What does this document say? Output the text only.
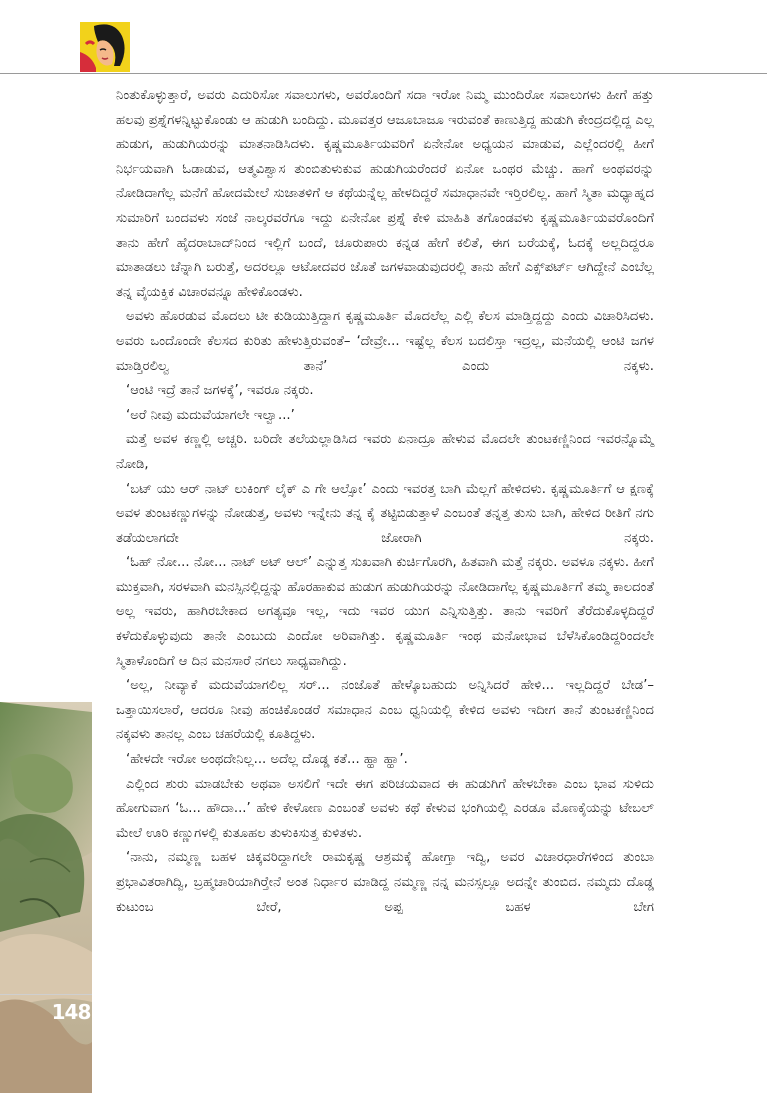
148

ನಿಂತುಕೊಳ್ಳುತ್ತಾರೆ, ಅವರು ಎದುರಿಸೋ ಸವಾಲುಗಳು, ಅವರೊಂದಿಗೆ ಸದಾ ಇರೋ ನಿಮ್ಮ ಮುಂದಿರೋ ಸವಾಲುಗಳು ಹೀಗೆ ಹತ್ತು ಹಲವು ಪ್ರಶ್ನೆಗಳನ್ನಿಟ್ಟುಕೊಂಡು ಆ ಹುಡುಗಿ ಬಂದಿದ್ದು. ಮೂವತ್ತರ ಆಜೂಬಾಜೂ ಇರುವಂತೆ ಕಾಣುತ್ತಿದ್ದ ಹುಡುಗಿ ಕೇಂದ್ರದಲ್ಲಿದ್ದ ಎಲ್ಲ ಹುಡುಗ, ಹುಡುಗಿಯರನ್ನು ಮಾತನಾಡಿಸಿದಳು. ಕೃಷ್ಣಮೂರ್ತಿಯವರಿಗೆ ಏನೇನೋ ಅಧ್ಯಯನ ಮಾಡುವ, ಎಲ್ಲೆಂದರಲ್ಲಿ ಹೀಗೆ ನಿರ್ಭಯವಾಗಿ ಓಡಾಡುವ, ಆತ್ಮವಿಶ್ವಾಸ ತುಂಬಿತುಳುಕುವ ಹುಡುಗಿಯರೆಂದರೆ ಏನೋ ಒಂಥರ ಮೆಚ್ಚು. ಹಾಗೆ ಅಂಥವರನ್ನು ನೋಡಿದಾಗೆಲ್ಲ ಮನೆಗೆ ಹೋದಮೇಲೆ ಸುಜಾತಳಿಗೆ ಆ ಕಥೆಯನ್ನೆಲ್ಲ ಹೇಳದಿದ್ದರೆ ಸಮಾಧಾನವೇ ಇರ್‍ತಿರಲಿಲ್ಲ. ಹಾಗೆ ಸ್ಮಿತಾ ಮಧ್ಯಾಹ್ನದ ಸುಮಾರಿಗೆ ಬಂದವಳು ಸಂಜೆ ನಾಲ್ಕರವರೆಗೂ ಇದ್ದು ಏನೇನೋ ಪ್ರಶ್ನೆ ಕೇಳಿ ಮಾಹಿತಿ ತಗೊಂಡವಳು ಕೃಷ್ಣಮೂರ್ತಿಯವರೊಂದಿಗೆ ತಾನು ಹೇಗೆ ಹೈದರಾಬಾದ್‌ನಿಂದ ಇಲ್ಲಿಗೆ ಬಂದೆ, ಚೂರುಪಾರು ಕನ್ನಡ ಹೇಗೆ ಕಲಿತೆ, ಈಗ ಬರೆಯಕ್ಕೆ, ಓದಕ್ಕೆ ಅಲ್ಲದಿದ್ದರೂ ಮಾತಾಡಲು ಚೆನ್ನಾಗಿ ಬರುತ್ತೆ, ಅದರಲ್ಲೂ ಆಟೋದವರ ಜೊತೆ ಜಗಳವಾಡುವುದರಲ್ಲಿ ತಾನು ಹೇಗೆ ಎಕ್ಸ್‌ಪರ್ಟ್ ಆಗಿದ್ದೇನೆ ಎಂಬೆಲ್ಲ ತನ್ನ ವೈಯಕ್ತಿಕ ವಿಚಾರವನ್ನೂ ಹೇಳಿಕೊಂಡಳು.

ಅವಳು ಹೊರಡುವ ಮೊದಲು ಟೀ ಕುಡಿಯುತ್ತಿದ್ದಾಗ ಕೃಷ್ಣಮೂರ್ತಿ ಮೊದಲೆಲ್ಲ ಎಲ್ಲಿ ಕೆಲಸ ಮಾಡ್ತಿದ್ದದ್ದು ಎಂದು ವಿಚಾರಿಸಿದಳು. ಅವರು ಒಂದೊಂದೇ ಕೆಲಸದ ಕುರಿತು ಹೇಳುತ್ತಿರುವಂತೆ– ‘ದೇವ್ರೇ... ಇಷ್ಟೆಲ್ಲ ಕೆಲಸ ಬದಲಿಸ್ತಾ ಇದ್ರಲ್ಲ, ಮನೆಯಲ್ಲಿ ಆಂಟಿ ಜಗಳ ಮಾಡ್ತಿರಲಿಲ್ವ ತಾನೆ’ ಎಂದು ನಕ್ಕಳು.

‘ಆಂಟಿ ಇದ್ರೆ ತಾನೆ ಜಗಳಕ್ಕೆ’, ಇವರೂ ನಕ್ಕರು.

‘ಅರೆ ನೀವು ಮದುವೆಯಾಗಲೇ ಇಲ್ವಾ...’

ಮತ್ತೆ ಅವಳ ಕಣ್ಣಲ್ಲಿ ಅಚ್ಚರಿ. ಬರಿದೇ ತಲೆಯಲ್ಲಾಡಿಸಿದ ಇವರು ಏನಾದ್ರೂ ಹೇಳುವ ಮೊದಲೇ ತುಂಟಕಣ್ಣಿನಿಂದ ಇವರನ್ನೊಮ್ಮೆ ನೋಡಿ,

‘ಬಟ್ ಯು ಆರ್ ನಾಟ್ ಲುಕಿಂಗ್ ಲೈಕ್ ಎ ಗೇ ಆಲ್ಸೋ’ ಎಂದು ಇವರತ್ತ ಬಾಗಿ ಮೆಲ್ಲಗೆ ಹೇಳಿದಳು. ಕೃಷ್ಣಮೂರ್ತಿಗೆ ಆ ಕ್ಷಣಕ್ಕೆ ಅವಳ ತುಂಟಕಣ್ಣುಗಳನ್ನು ನೋಡುತ್ತ, ಅವಳು ಇನ್ನೇನು ತನ್ನ ಕೈ ತಟ್ಟಿಬಿಡುತ್ತಾಳೆ ಎಂಬಂತೆ ತನ್ನತ್ತ ತುಸು ಬಾಗಿ, ಹೇಳಿದ ರೀತಿಗೆ ನಗು ತಡೆಯಲಾಗದೇ ಜೋರಾಗಿ ನಕ್ಕರು.

‘ಓಹ್ ನೋ... ನೋ... ನಾಟ್ ಅಟ್ ಆಲ್’ ಎನ್ನುತ್ತ ಸುಖವಾಗಿ ಕುರ್ಚಿಗೊರಗಿ, ಹಿತವಾಗಿ ಮತ್ತೆ ನಕ್ಕರು. ಅವಳೂ ನಕ್ಕಳು. ಹೀಗೆ ಮುಕ್ತವಾಗಿ, ಸರಳವಾಗಿ ಮನಸ್ಸಿನಲ್ಲಿದ್ದನ್ನು ಹೊರಹಾಕುವ ಹುಡುಗ ಹುಡುಗಿಯರನ್ನು ನೋಡಿದಾಗೆಲ್ಲ ಕೃಷ್ಣಮೂರ್ತಿಗೆ ತಮ್ಮ ಕಾಲದಂತೆ ಅಲ್ಲ ಇವರು, ಹಾಗಿರಬೇಕಾದ ಅಗತ್ಯವೂ ಇಲ್ಲ, ಇದು ಇವರ ಯುಗ ಎನ್ನಿಸುತ್ತಿತ್ತು. ತಾನು ಇವರಿಗೆ ತೆರೆದುಕೊಳ್ಳದಿದ್ದರೆ ಕಳೆದುಕೊಳ್ಳುವುದು ತಾನೇ ಎಂಬುದು ಎಂದೋ ಅರಿವಾಗಿತ್ತು. ಕೃಷ್ಣಮೂರ್ತಿ ಇಂಥ ಮನೋಭಾವ ಬೆಳೆಸಿಕೊಂಡಿದ್ದರಿಂದಲೇ ಸ್ಮಿತಾಳೊಂದಿಗೆ ಆ ದಿನ ಮನಸಾರೆ ನಗಲು ಸಾಧ್ಯವಾಗಿದ್ದು.

‘ಅಲ್ಲ, ನೀವ್ಯಾಕೆ ಮದುವೆಯಾಗಲಿಲ್ಲ ಸರ್... ನಂಜೊತೆ ಹೇಳ್ಕೊಬಹುದು ಅನ್ನಿಸಿದರೆ ಹೇಳಿ... ಇಲ್ಲದಿದ್ದರೆ ಬೇಡ’– ಒತ್ತಾಯಿಸಲಾರೆ, ಆದರೂ ನೀವು ಹಂಚಿಕೊಂಡರೆ ಸಮಾಧಾನ ಎಂಬ ಧ್ವನಿಯಲ್ಲಿ ಕೇಳಿದ ಅವಳು ಇದೀಗ ತಾನೆ ತುಂಟಕಣ್ಣಿನಿಂದ ನಕ್ಕವಳು ತಾನಲ್ಲ ಎಂಬ ಚಹರೆಯಲ್ಲಿ ಕೂತಿದ್ದಳು.

‘ಹೇಳದೇ ಇರೋ ಅಂಥದೇನಿಲ್ಲ... ಅದೆಲ್ಲ ದೊಡ್ಡ ಕತೆ... ಹ್ಹಾ ಹ್ಹಾ’.

ಎಲ್ಲಿಂದ ಶುರು ಮಾಡಬೇಕು ಅಥವಾ ಅಸಲಿಗೆ ಇದೇ ಈಗ ಪರಿಚಯವಾದ ಈ ಹುಡುಗಿಗೆ ಹೇಳಬೇಕಾ ಎಂಬ ಭಾವ ಸುಳಿದು ಹೋಗುವಾಗ ‘ಓ... ಹೌದಾ...’ ಹೇಳಿ ಕೇಳೋಣ ಎಂಬಂತೆ ಅವಳು ಕಥೆ ಕೇಳುವ ಭಂಗಿಯಲ್ಲಿ ಎರಡೂ ಮೊಣಕೈಯನ್ನು ಟೇಬಲ್ ಮೇಲೆ ಊರಿ ಕಣ್ಣುಗಳಲ್ಲಿ ಕುತೂಹಲ ತುಳುಕಿಸುತ್ತ ಕುಳಿತಳು.

‘ನಾನು, ನಮ್ಮಣ್ಣ ಬಹಳ ಚಿಕ್ಕವರಿದ್ದಾಗಲೇ ರಾಮಕೃಷ್ಣ ಆಶ್ರಮಕ್ಕೆ ಹೋಗ್ತಾ ಇದ್ವಿ, ಅವರ ವಿಚಾರಧಾರೆಗಳಿಂದ ತುಂಬಾ ಪ್ರಭಾವಿತರಾಗಿದ್ವಿ, ಬ್ರಹ್ಮಚಾರಿಯಾಗಿರ್‍ತೇನೆ ಅಂತ ನಿರ್ಧಾರ ಮಾಡಿದ್ದ ನಮ್ಮಣ್ಣ ನನ್ನ ಮನಸ್ಸಲ್ಲೂ ಅದನ್ನೇ ತುಂಬಿದ. ನಮ್ಮದು ದೊಡ್ಡ ಕುಟುಂಬ ಬೇರೆ, ಅಪ್ಪ ಬಹಳ ಬೇಗ
